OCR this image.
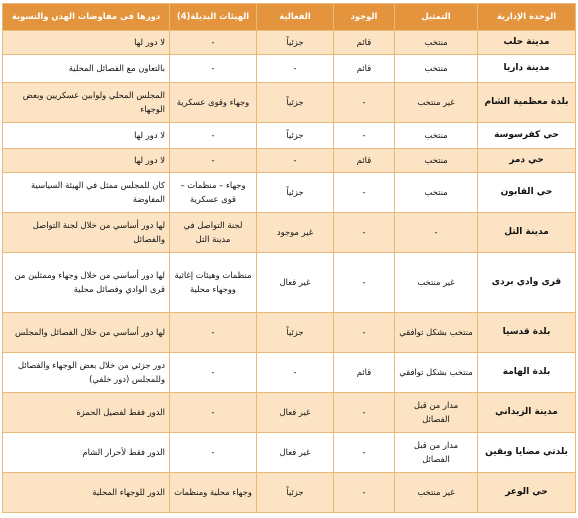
الوحدة الإدارية	التمثيل	الوجود	الفعالية	الهيئات البديلة(4)	دورها في مفاوضات الهدن والتسوية
مدينة حلب	منتخب	قائم	جزئياً	-	لا دور لها
مدينة داريا	منتخب	قائم	-	-	بالتعاون مع الفصائل المحلية
بلدة معظمية الشام	غير منتخب	-	جزئياً	وجهاء وقوى عسكرية	المجلس المحلي ولوابين عسكريين وبعض الوجهاء
حي كفرسوسة	منتخب	-	جزئياً	-	لا دور لها
حي دمر	منتخب	قائم	-	-	لا دور لها
حي القابون	منتخب	-	جزئياً	وجهاء – منظمات – قوى عسكرية	كان للمجلس ممثل في الهيئة السياسية المفاوضة
مدينة التل	-	-	غير موجود	لجنة التواصل في مدينة التل	لها دور أساسي من خلال لجنة التواصل والفصائل
قرى وادي بردى	غير منتخب	-	غير فعال	منظمات وهيئات إغاثية ووجهاء محلية	لها دور أساسي من خلال وجهاء وممثلين من قرى الوادي وفصائل محلية
بلدة قدسيا	منتخب بشكل توافقي	-	جزئياً	-	لها دور أساسي من خلال الفصائل والمجلس
بلدة الهامة	منتخب بشكل توافقي	قائم	-	-	دور جزئي من خلال بعض الوجهاء والفصائل وللمجلس (دور خلفي)
مدينة الزبداني	مدار من قبل الفصائل	-	غير فعال	-	الدور فقط لفصيل الحمزة
بلدتي مضايا وبقين	مدار من قبل الفصائل	-	غير فعال	-	الدور فقط لأحرار الشام
حي الوعر	غير منتخب	-	جزئياً	وجهاء محلية ومنظمات	الدور للوجهاء المحلية
